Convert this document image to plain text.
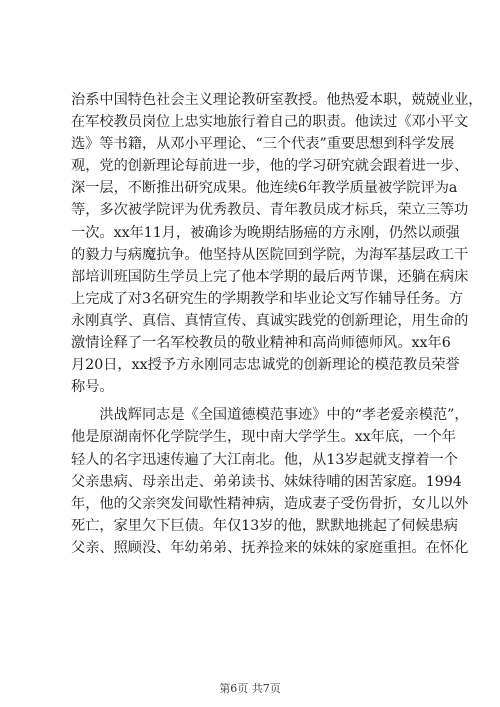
治系中国特色社会主义理论教研室教授。他热爱本职，兢兢业业，
在军校教员岗位上忠实地旅行着自己的职责。他读过《邓小平文
选》等书籍，从邓小平理论、“三个代表”重要思想到科学发展
观，党的创新理论每前进一步，他的学习研究就会跟着进一步、
深一层，不断推出研究成果。他连续6年教学质量被学院评为a
等，多次被学院评为优秀教员、青年教员成才标兵，荣立三等功
一次。xx年11月，被确诊为晚期结肠癌的方永刚，仍然以顽强
的毅力与病魔抗争。他坚持从医院回到学院，为海军基层政工干
部培训班国防生学员上完了他本学期的最后两节课，还躺在病床
上完成了对3名研究生的学期教学和毕业论文写作辅导任务。方
永刚真学、真信、真情宣传、真诚实践党的创新理论，用生命的
激情诠释了一名军校教员的敬业精神和高尚师德师风。xx年6
月20日，xx授予方永刚同志忠诚党的创新理论的模范教员荣誉
称号。
　　洪战辉同志是《全国道德模范事迹》中的“孝老爱亲模范”，
他是原湖南怀化学院学生，现中南大学学生。xx年底，一个年
轻人的名字迅速传遍了大江南北。他，从13岁起就支撑着一个
父亲患病、母亲出走、弟弟读书、妹妹待哺的困苦家庭。1994
年，他的父亲突发间歇性精神病，造成妻子受伤骨折，女儿以外
死亡，家里欠下巨债。年仅13岁的他，默默地挑起了伺候患病
父亲、照顾没、年幼弟弟、抚养捡来的妹妹的家庭重担。在怀化
第6页 共7页
